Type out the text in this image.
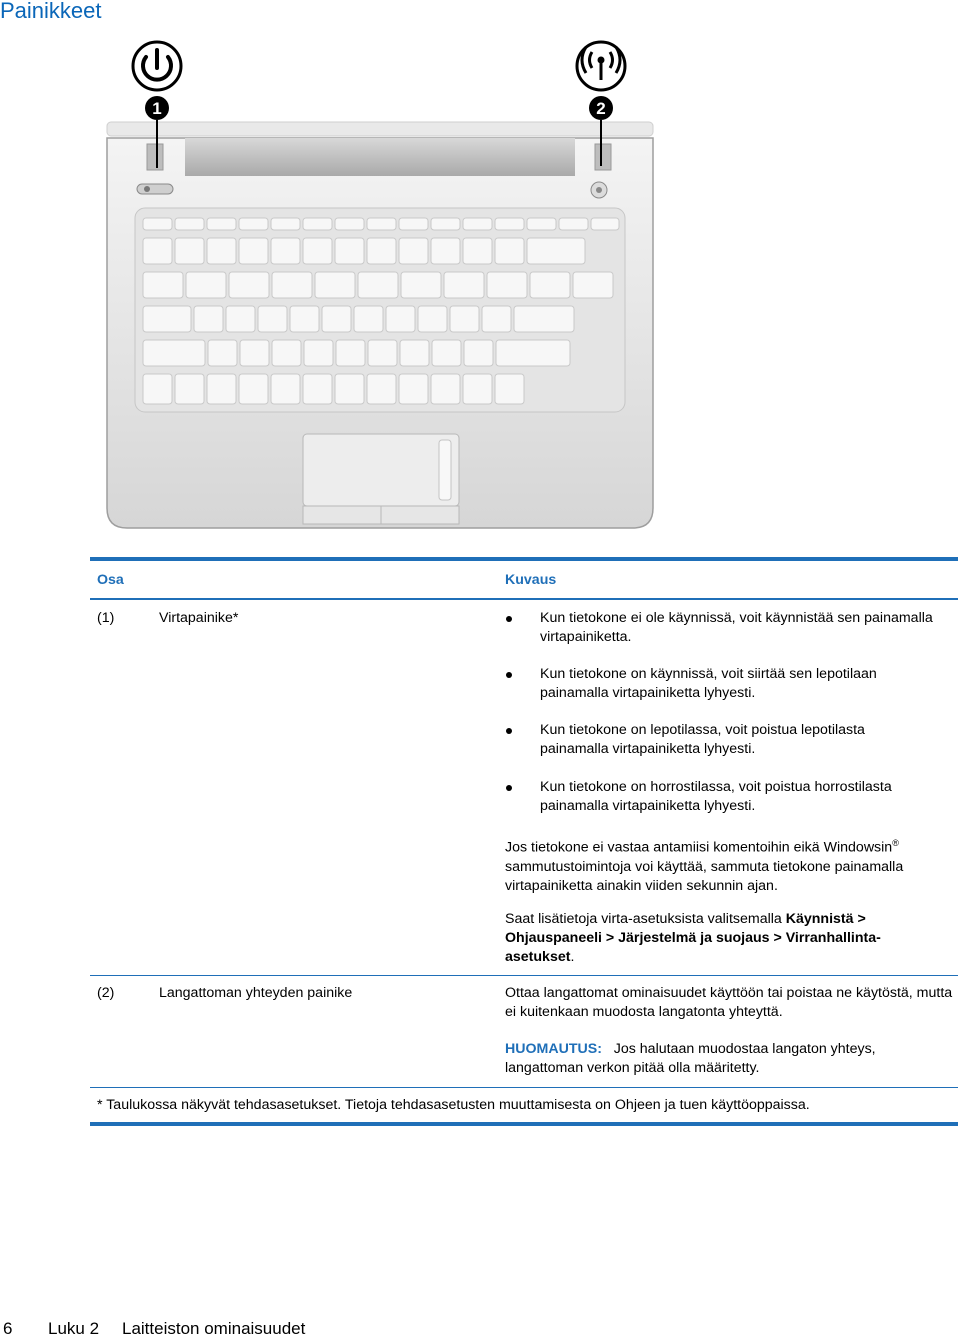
Painikkeet
1	2
Osa	Kuvaus
(1)	Virtapainike*	Kun tietokone ei ole käynnissä, voit käynnistää sen painamalla virtapainiketta.

Kun tietokone on käynnissä, voit siirtää sen lepotilaan painamalla virtapainiketta lyhyesti.

Kun tietokone on lepotilassa, voit poistua lepotilasta painamalla virtapainiketta lyhyesti.

Kun tietokone on horrostilassa, voit poistua horrostilasta painamalla virtapainiketta lyhyesti.

Jos tietokone ei vastaa antamiisi komentoihin eikä Windowsin® sammutustoimintoja voi käyttää, sammuta tietokone painamalla virtapainiketta ainakin viiden sekunnin ajan.

Saat lisätietoja virta-asetuksista valitsemalla Käynnistä > Ohjauspaneeli > Järjestelmä ja suojaus > Virranhallinta-asetukset.

(2)	Langattoman yhteyden painike	Ottaa langattomat ominaisuudet käyttöön tai poistaa ne käytöstä, mutta ei kuitenkaan muodosta langatonta yhteyttä.

HUOMAUTUS: Jos halutaan muodostaa langaton yhteys, langattoman verkon pitää olla määritetty.

* Taulukossa näkyvät tehdasasetukset. Tietoja tehdasasetusten muuttamisesta on Ohjeen ja tuen käyttöoppaissa.

6 Luku 2 Laitteiston ominaisuudet
